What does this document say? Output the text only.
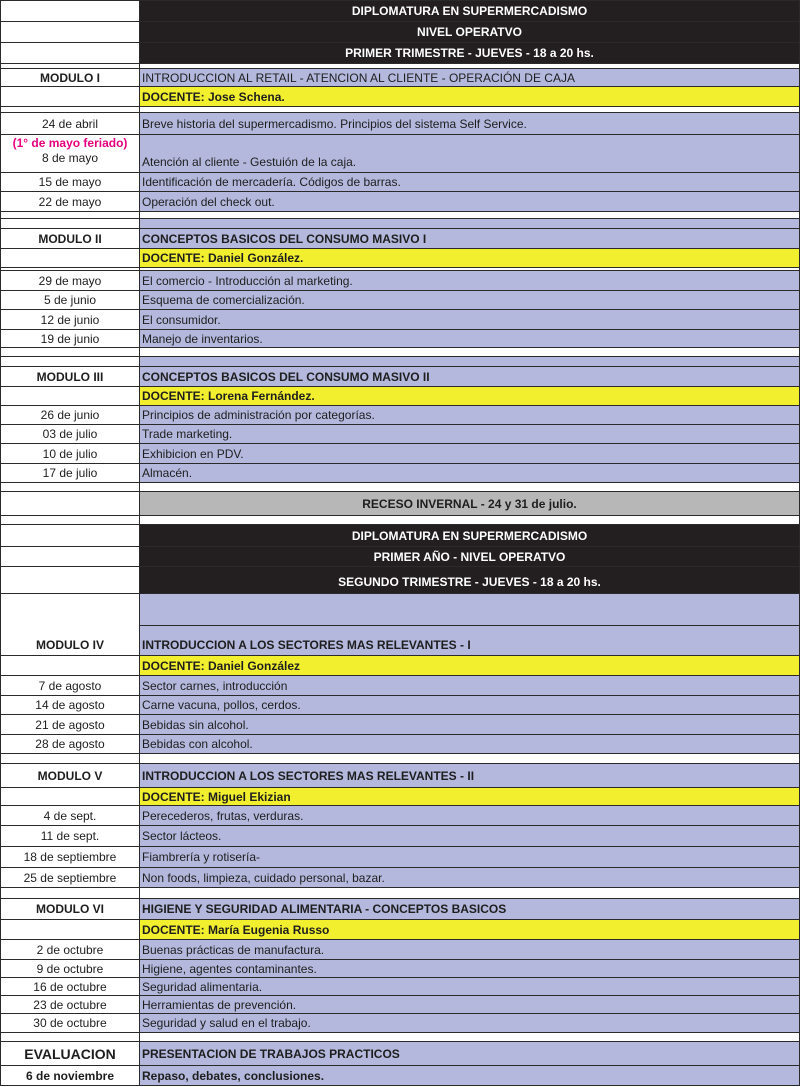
DIPLOMATURA EN SUPERMERCADISMO
NIVEL OPERATVO
PRIMER TRIMESTRE - JUEVES - 18 a 20 hs.
MODULO I	INTRODUCCION AL RETAIL - ATENCION AL CLIENTE - OPERACIÓN DE CAJA
DOCENTE: Jose Schena.
24 de abril	Breve historia del supermercadismo. Principios del sistema Self Service.
(1° de mayo feriado)
8 de mayo	Atención al cliente - Gestuión de la caja.
15 de mayo	Identificación de mercadería. Códigos de barras.
22 de mayo	Operación del check out.
MODULO II	CONCEPTOS BASICOS DEL CONSUMO MASIVO I
DOCENTE: Daniel González.
29 de mayo	El comercio - Introducción al marketing.
5 de junio	Esquema de comercialización.
12 de junio	El consumidor.
19 de junio	Manejo de inventarios.
MODULO III	CONCEPTOS BASICOS DEL CONSUMO MASIVO II
DOCENTE: Lorena Fernández.
26 de junio	Principios de administración por categorías.
03 de julio	Trade marketing.
10 de julio	Exhibicion en PDV.
17 de julio	Almacén.
RECESO INVERNAL - 24 y 31 de julio.
DIPLOMATURA EN SUPERMERCADISMO
PRIMER AÑO - NIVEL OPERATVO
SEGUNDO TRIMESTRE - JUEVES - 18 a 20 hs.
MODULO IV	INTRODUCCION A LOS SECTORES MAS RELEVANTES - I
DOCENTE: Daniel González
7 de agosto	Sector carnes, introducción
14 de agosto	Carne vacuna, pollos, cerdos.
21 de agosto	Bebidas sin alcohol.
28 de agosto	Bebidas con alcohol.
MODULO V	INTRODUCCION A LOS SECTORES MAS RELEVANTES - II
DOCENTE: Miguel Ekizian
4 de sept.	Perecederos, frutas, verduras.
11 de sept.	Sector lácteos.
18 de septiembre	Fiambrería y rotisería-
25 de septiembre	Non foods, limpieza, cuidado personal, bazar.
MODULO VI	HIGIENE Y SEGURIDAD ALIMENTARIA - CONCEPTOS BASICOS
DOCENTE: María Eugenia Russo
2 de octubre	Buenas prácticas de manufactura.
9 de octubre	Higiene, agentes contaminantes.
16 de octubre	Seguridad alimentaria.
23 de octubre	Herramientas de prevención.
30 de octubre	Seguridad y salud en el trabajo.
EVALUACION	PRESENTACION DE TRABAJOS PRACTICOS
6 de noviembre	Repaso, debates, conclusiones.
